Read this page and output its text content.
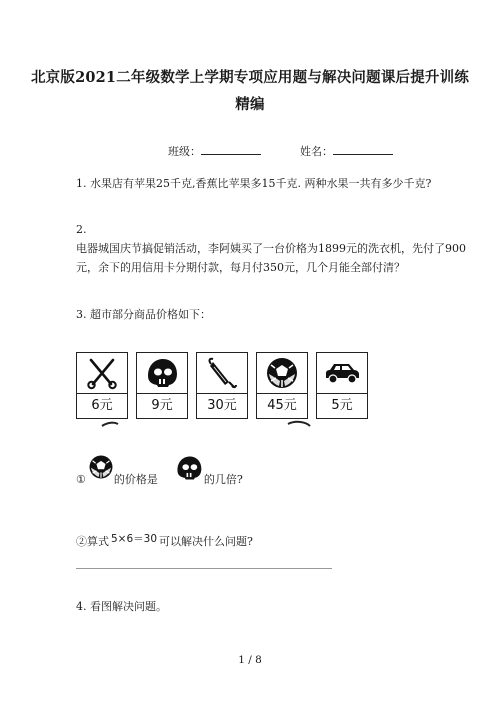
北京版2021二年级数学上学期专项应用题与解决问题课后提升训练
精编
班级：	姓名：
1. 水果店有苹果25千克,香蕉比苹果多15千克. 两种水果一共有多少千克?
2.
电器城国庆节搞促销活动，李阿姨买了一台价格为1899元的洗衣机，先付了900
元，余下的用信用卡分期付款，每月付350元，几个月能全部付清？
3. 超市部分商品价格如下：
6元	9元	30元	45元	5元
①	的价格是	的几倍?
②算式 5×6＝30 可以解决什么问题?
4. 看图解决问题。
1 / 8
